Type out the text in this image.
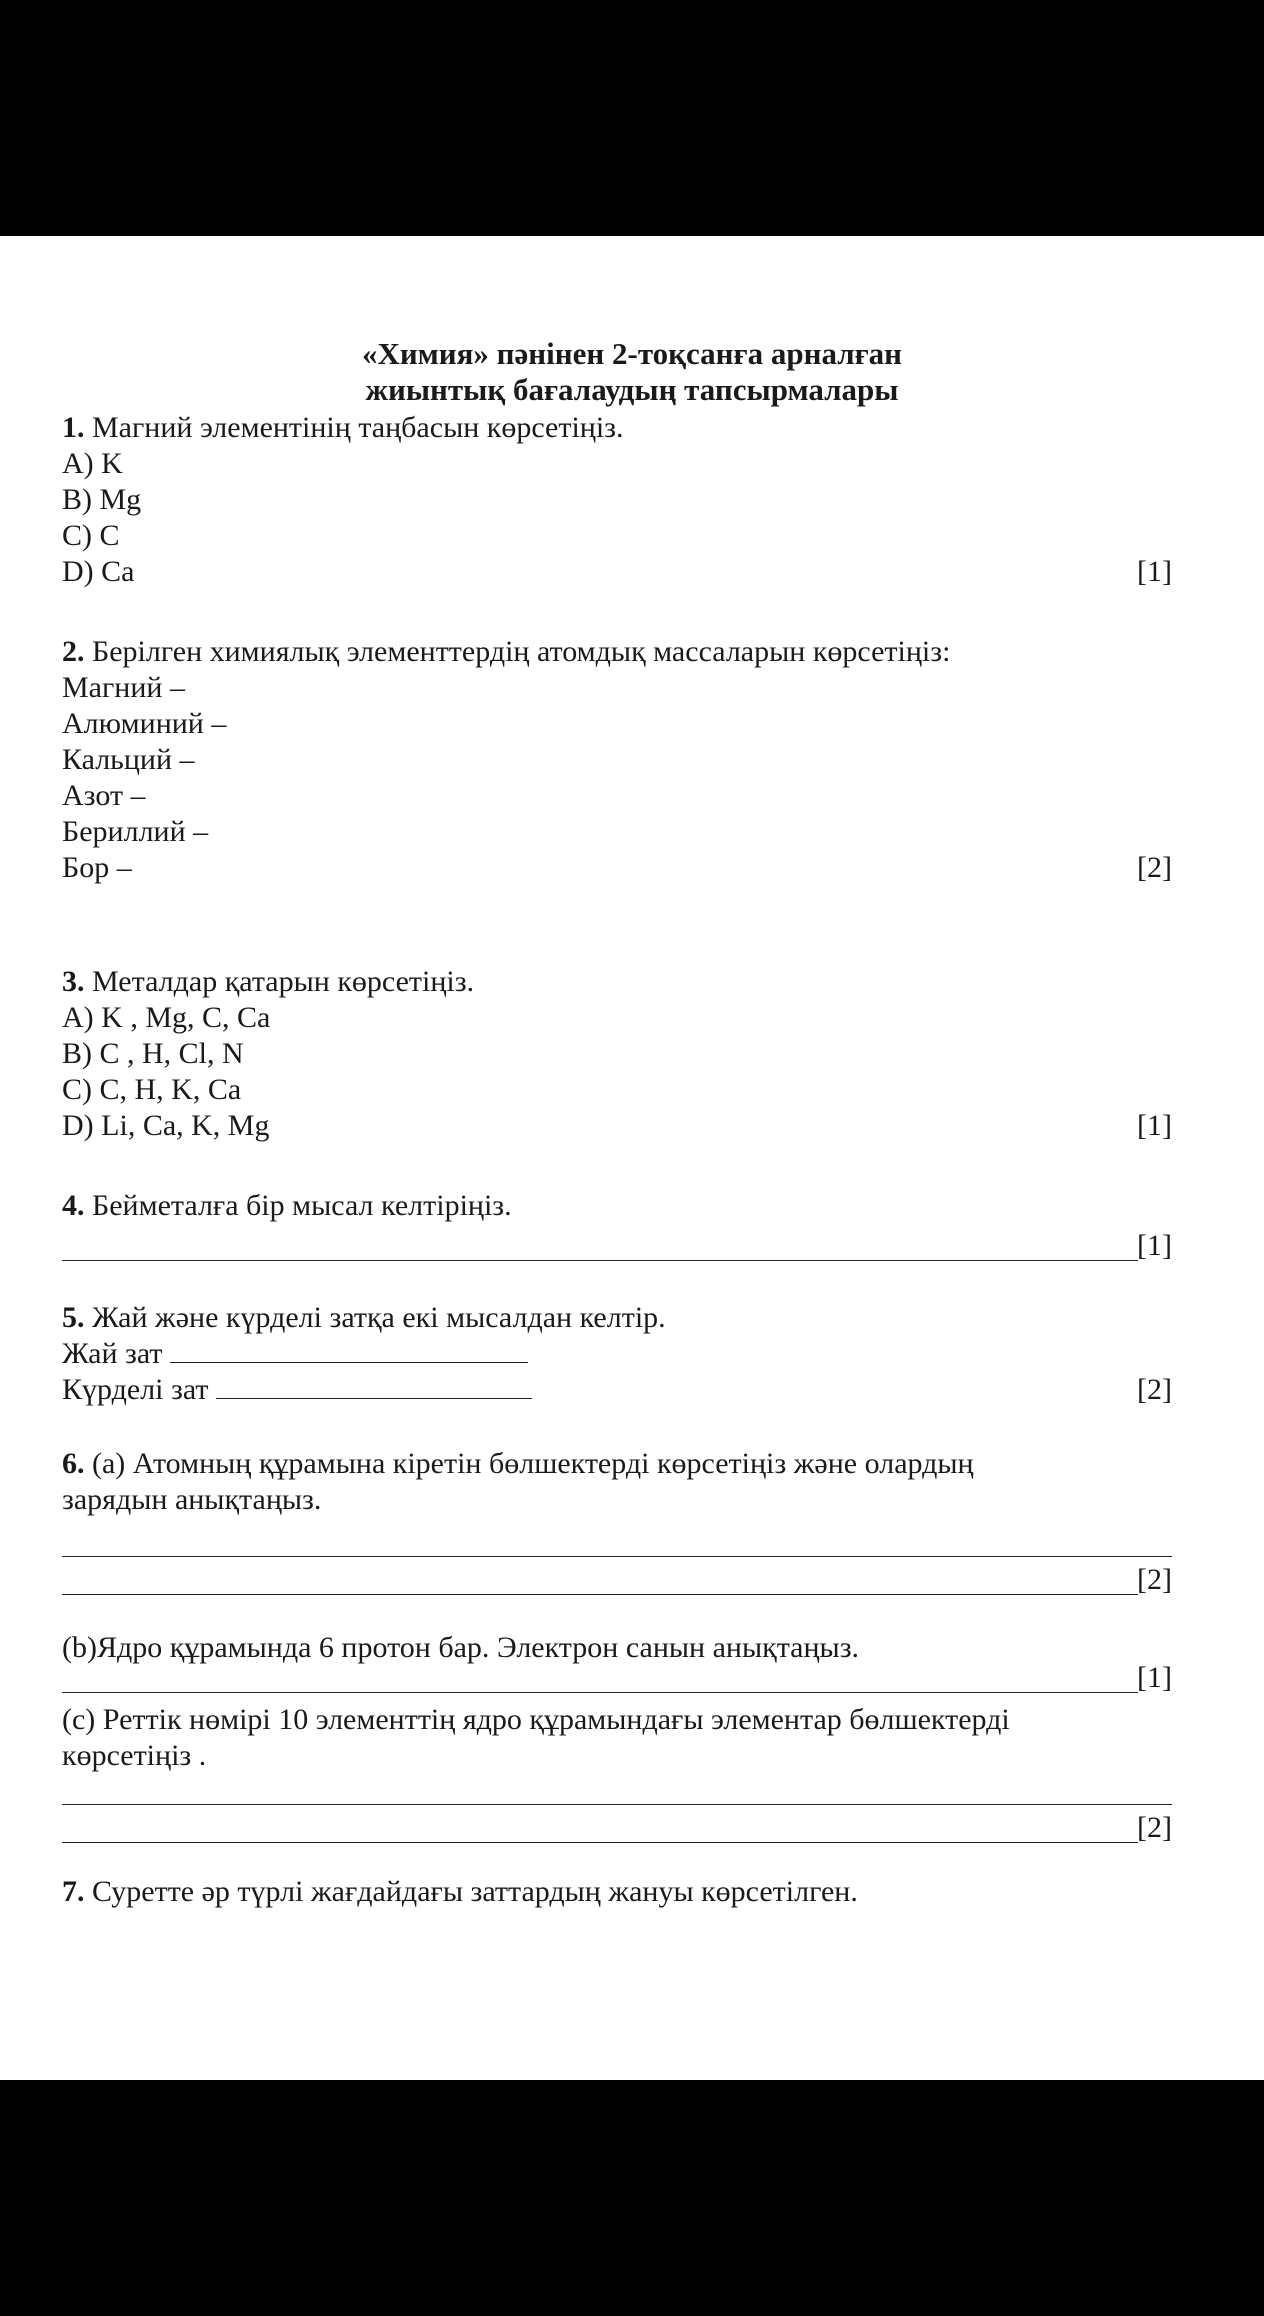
«Химия» пәнінен 2-тоқсанға арналған
жиынтық бағалаудың тапсырмалары
1. Магний элементінің таңбасын көрсетіңіз.
A) K
B) Mg
C) C
D) Ca	[1]
2. Берілген химиялық элементтердің атомдық массаларын көрсетіңіз:
Магний –
Алюминий –
Кальций –
Азот –
Бериллий –
Бор –	[2]
3. Металдар қатарын көрсетіңіз.
A) K , Mg, C, Ca
B) C , H, Cl, N
C) C, H, K, Ca
D) Li, Ca, K, Mg	[1]
4. Бейметалға бір мысал келтіріңіз.
[1]
5. Жай және күрделі затқа екі мысалдан келтір.
Жай зат
Күрделі зат	[2]
6. (a) Атомның құрамына кіретін бөлшектерді көрсетіңіз және олардың
зарядын анықтаңыз.
[2]
(b)Ядро құрамында 6 протон бар. Электрон санын анықтаңыз.
[1]
(c) Реттік нөмірі 10 элементтің ядро құрамындағы элементар бөлшектерді
көрсетіңіз .
[2]
7. Суретте әр түрлі жағдайдағы заттардың жануы көрсетілген.
